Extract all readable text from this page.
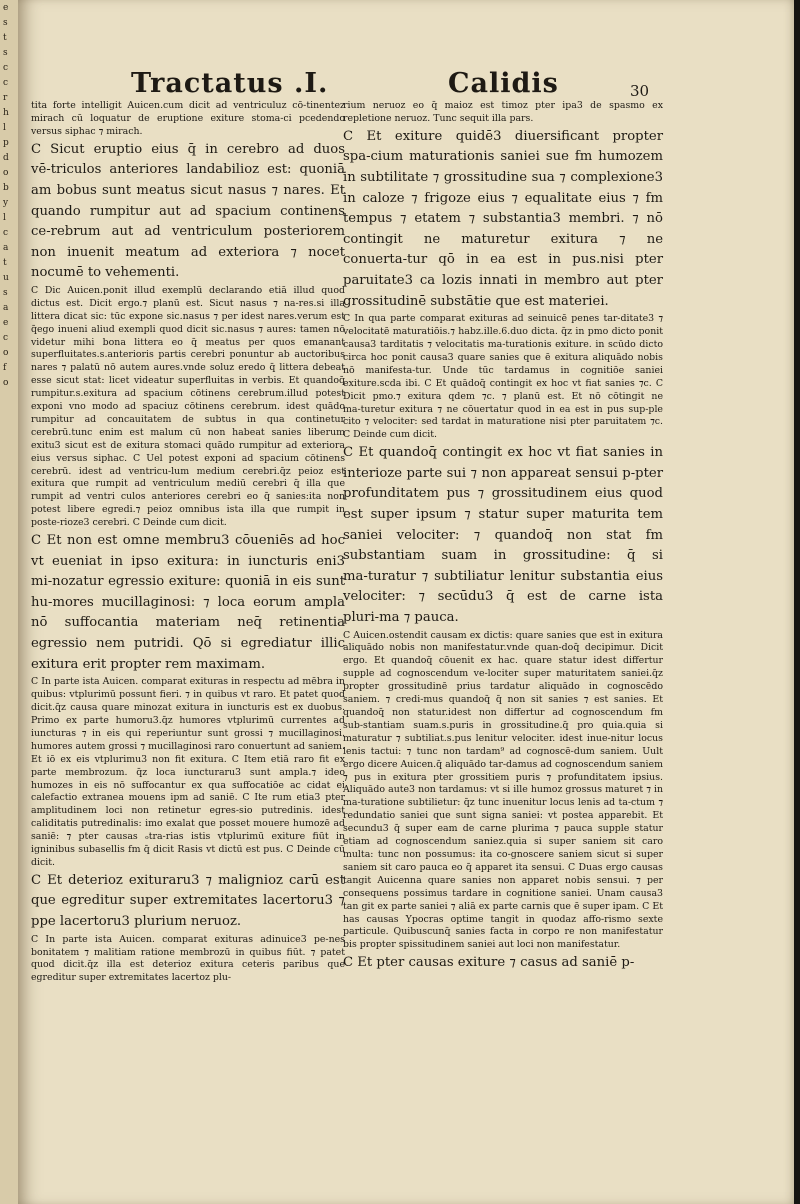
e
s
t
s
c
c
r
h
l
p
d
o
b
y
l
c
a
t
u
s
a
e
c
o
f
o
Tractatus .I.	Calidis	30

tita forte intelligit Auicen.cum dicit ad ventriculuz cō‑tinentez mirach cū loquatur de eruptione exiture stoma‑ci pcedendo versus siphac ⁊ mirach.

C Sicut eruptio eius q̄ in cerebro ad duos vē‑triculos anteriores landabilioz est: quoniā am bobus sunt meatus sicut nasus ⁊ nares. Et quando rumpitur aut ad spacium continens ce‑rebrum aut ad ventriculum posteriorem non inuenit meatum ad exteriora ⁊ nocet nocumē to vehementi.

C Dic Auicen.ponit illud exemplū declarando etiā illud quod dictus est. Dicit ergo.⁊ planū est. Sicut nasus ⁊ na‑res.si illa littera dicat sic: tūc expone sic.nasus ⁊ per idest nares.verum est q̄ego inueni aliud exempli quod dicit sic.nasus ⁊ aures: tamen nō videtur mihi bona littera eo q̄ meatus per quos emanant superfluitates.s.anterioris partis cerebri ponuntur ab auctoribus nares ⁊ palatū nō autem aures.vnde soluz eredo q̄ littera debeat esse sicut stat: licet videatur superfluitas in verbis. Et quandoq̄ rumpitur.s.exitura ad spacium cōtinens cerebrum.illud potest exponi vno modo ad spaciuz cōtinens cerebrum. idest quādo rumpitur ad concauitatem de subtus in qua continetur cerebrū.tunc enim est malum cū non habeat sanies liberum exitu3 sicut est de exitura stomaci quādo rumpitur ad exteriora eius versus siphac. C Uel potest exponi ad spacium cōtinens cerebrū. idest ad ventricu‑lum medium cerebri.q̄z peioz est exitura que rumpit ad ventriculum mediū cerebri q̄ illa que rumpit ad ventri culos anteriores cerebri eo q̄ sanies:ita non potest libere egredi.⁊ peioz omnibus ista illa que rumpit in poste‑rioze3 cerebri. C Deinde cum dicit.

C Et non est omne membru3 cōueniēs ad hoc vt eueniat in ipso exitura: in iuncturis eni3 mi‑nozatur egressio exiture: quoniā in eis sunt hu‑mores mucillaginosi: ⁊ loca eorum ampla nō suffocantia materiam neq̄ retinentia egressio nem putridi. Qō si egrediatur illic exitura erit propter rem maximam.

C In parte ista Auicen. comparat exituras in respectu ad mēbra in quibus: vtplurimū possunt fieri. ⁊ in quibus vt raro. Et patet quod dicit.q̄z causa quare minozat exitura in iuncturis est ex duobus. Primo ex parte humoru3.q̄z humores vtplurimū currentes ad iuncturas ⁊ in eis qui reperiuntur sunt grossi ⁊ mucillaginosi. humores autem grossi ⁊ mucillaginosi raro conuertunt ad saniem. Et iō ex eis vtplurimu3 non fit exitura. C Item etiā raro fit ex parte membrozum. q̄z loca iuncturaru3 sunt ampla.⁊ ideo humozes in eis nō suffocantur ex qua suffocatiōe ac cidat ei calefactio extranea mouens ipm ad saniē. C Ite rum etia3 pter amplitudinem loci non retinetur egres‑sio putredinis. idest caliditatis putredinalis: imo exalat que posset mouere humozē ad saniē: ⁊ pter causas ₒtra‑rias istis vtplurimū exiture fiūt in igninibus subasellis fm q̄ dicit Rasis vt dictū est pus. C Deinde cū dicit.

C Et deterioz exituraru3 ⁊ malignioz carū est que egreditur super extremitates lacertoru3 ⁊ ppe lacertoru3 plurium neruoz.

C In parte ista Auicen. comparat exituras adinuice3 pe‑nes bonitatem ⁊ malitiam ratione membrozū in quibus fiūt. ⁊ patet quod dicit.q̄z illa est deterioz exitura ceteris paribus que egreditur super extremitates lacertoz plu‑

rium neruoz eo q̄ maioz est timoz pter ipa3 de spasmo ex repletione neruoz. Tunc sequit illa pars.

C Et exiture quidē3 diuersificant propter spa‑cium maturationis saniei sue fm humozem in subtilitate ⁊ grossitudine sua ⁊ complexione3 in caloze ⁊ frigoze eius ⁊ equalitate eius ⁊ fm tempus ⁊ etatem ⁊ substantia3 membri. ⁊ nō contingit ne maturetur exitura ⁊ ne conuerta‑tur qō in ea est in pus.nisi pter paruitate3 ca lozis innati in membro aut pter grossitudinē substātie que est materiei.

C In qua parte comparat exituras ad seinuicē penes tar‑ditate3 ⁊ velocitatē maturatiōis.⁊ habz.ille.6.duo dicta. q̄z in pmo dicto ponit causa3 tarditatis ⁊ velocitatis ma‑turationis exiture. in scūdo dicto circa hoc ponit causa3 quare sanies que ē exitura aliquādo nobis nō manifesta‑tur. Unde tūc tardamus in cognitiōe saniei exiture.scda ibi. C Et quādoq̄ contingit ex hoc vt fiat sanies ⁊c. C Dicit pmo.⁊ exitura qdem ⁊c. ⁊ planū est. Et nō cōtingit ne ma‑turetur exitura ⁊ ne cōuertatur quod in ea est in pus sup‑ple cito ⁊ velociter: sed tardat in maturatione nisi pter paruitatem ⁊c. C Deinde cum dicit.

C Et quandoq̄ contingit ex hoc vt fiat sanies in interioze parte sui ⁊ non appareat sensui p‑pter profunditatem pus ⁊ grossitudinem eius quod est super ipsum ⁊ statur super maturita tem saniei velociter: ⁊ quandoq̄ non stat fm substantiam suam in grossitudine: q̄ si ma‑turatur ⁊ subtiliatur lenitur substantia eius velociter: ⁊ secūdu3 q̄ est de carne ista pluri‑ma ⁊ pauca.

C Auicen.ostendit causam ex dictis: quare sanies que est in exitura aliquādo nobis non manifestatur.vnde quan‑doq̄ decipimur. Dicit ergo. Et quandoq̄ cōuenit ex hac. quare statur idest differtur supple ad cognoscendum ve‑lociter super maturitatem saniei.q̄z propter grossitudinē prius tardatur aliquādo in cognoscēdo saniem. ⁊ credi‑mus quandoq̄ q̄ non sit sanies ⁊ est sanies. Et quandoq̄ non statur.idest non differtur ad cognoscendum fm sub‑stantiam suam.s.puris in grossitudine.q̄ pro quia.quia si maturatur ⁊ subtiliat.s.pus lenitur velociter. idest inue‑nitur locus lenis tactui: ⁊ tunc non tardam⁹ ad cognoscē‑dum saniem. Uult ergo dicere Auicen.q̄ aliquādo tar‑damus ad cognoscendum saniem ⁊ pus in exitura pter grossitiem puris ⁊ profunditatem ipsius. Aliquādo aute3 non tardamus: vt si ille humoz grossus maturet ⁊ in ma‑turatione subtilietur: q̄z tunc inuenitur locus lenis ad ta‑ctum ⁊ redundatio saniei que sunt signa saniei: vt postea apparebit. Et secundu3 q̄ super eam de carne plurima ⁊ pauca supple statur etiam ad cognoscendum saniez.quia si super saniem sit caro multa: tunc non possumus: ita co‑gnoscere saniem sicut si super saniem sit caro pauca eo q̄ apparet ita sensui. C Duas ergo causas tangit Auicenna quare sanies non apparet nobis sensui. ⁊ per consequens possimus tardare in cognitione saniei. Unam causa3 tan git ex parte saniei ⁊ aliā ex parte carnis que ē super ipam. C Et has causas Ypocras optime tangit in quodaz affo‑rismo sexte particule. Quibuscunq̄ sanies facta in corpo re non manifestatur bis propter spissitudinem saniei aut loci non manifestatur.

C Et pter causas exiture ⁊ casus ad saniē p‑
